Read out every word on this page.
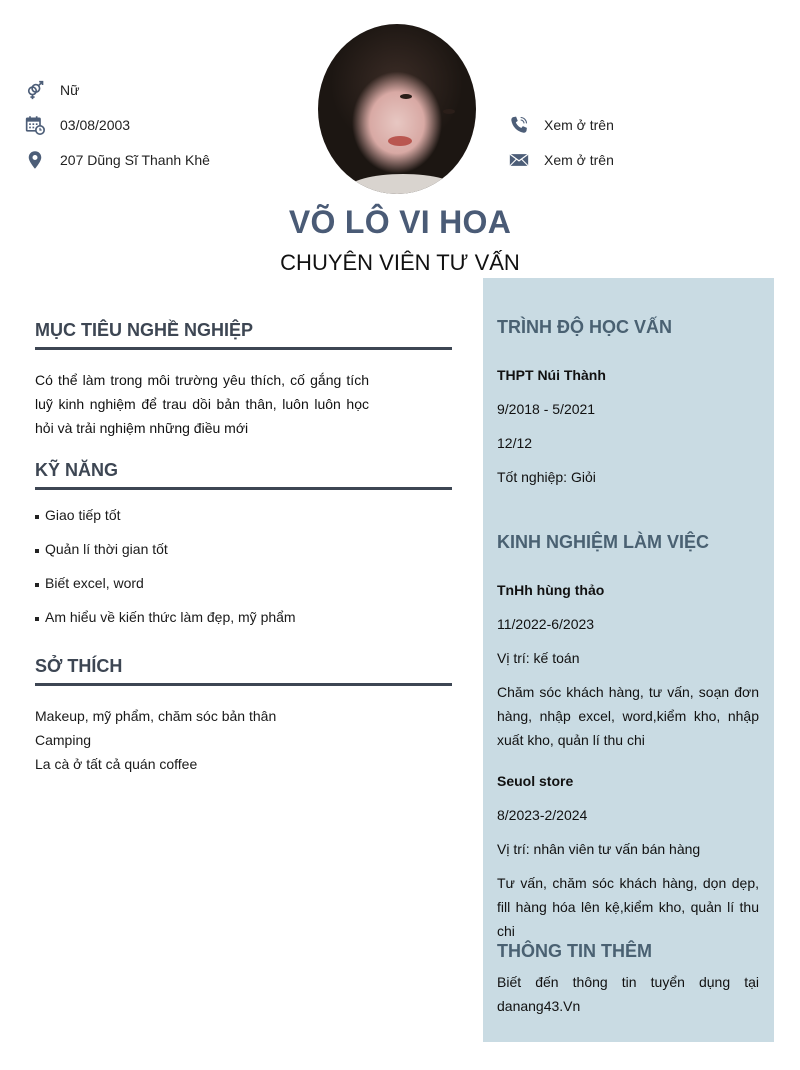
Nữ
03/08/2003
207 Dũng Sĩ Thanh Khê
Xem ở trên
Xem ở trên
VÕ LÔ VI HOA
CHUYÊN VIÊN TƯ VẤN
MỤC TIÊU NGHỀ NGHIỆP

Có thể làm trong môi trường yêu thích, cố gắng tích luỹ kinh nghiệm để trau dồi bản thân, luôn luôn học hỏi và trải nghiệm những điều mới

KỸ NĂNG
Giao tiếp tốt
Quản lí thời gian tốt
Biết excel, word
Am hiểu về kiến thức làm đẹp, mỹ phẩm
SỞ THÍCH
Makeup, mỹ phẩm, chăm sóc bản thân
Camping
La cà ở tất cả quán coffee
TRÌNH ĐỘ HỌC VẤN
THPT Núi Thành
9/2018 - 5/2021
12/12
Tốt nghiệp: Giỏi
KINH NGHIỆM LÀM VIỆC
TnHh hùng thảo
11/2022-6/2023
Vị trí: kế toán
Chăm sóc khách hàng, tư vấn, soạn đơn hàng, nhập excel, word,kiểm kho, nhập xuất kho, quản lí thu chi
Seuol store
8/2023-2/2024
Vị trí: nhân viên tư vấn bán hàng
Tư vấn, chăm sóc khách hàng, dọn dẹp, fill hàng hóa lên kệ,kiểm kho, quản lí thu chi
THÔNG TIN THÊM
Biết đến thông tin tuyển dụng tại danang43.Vn
